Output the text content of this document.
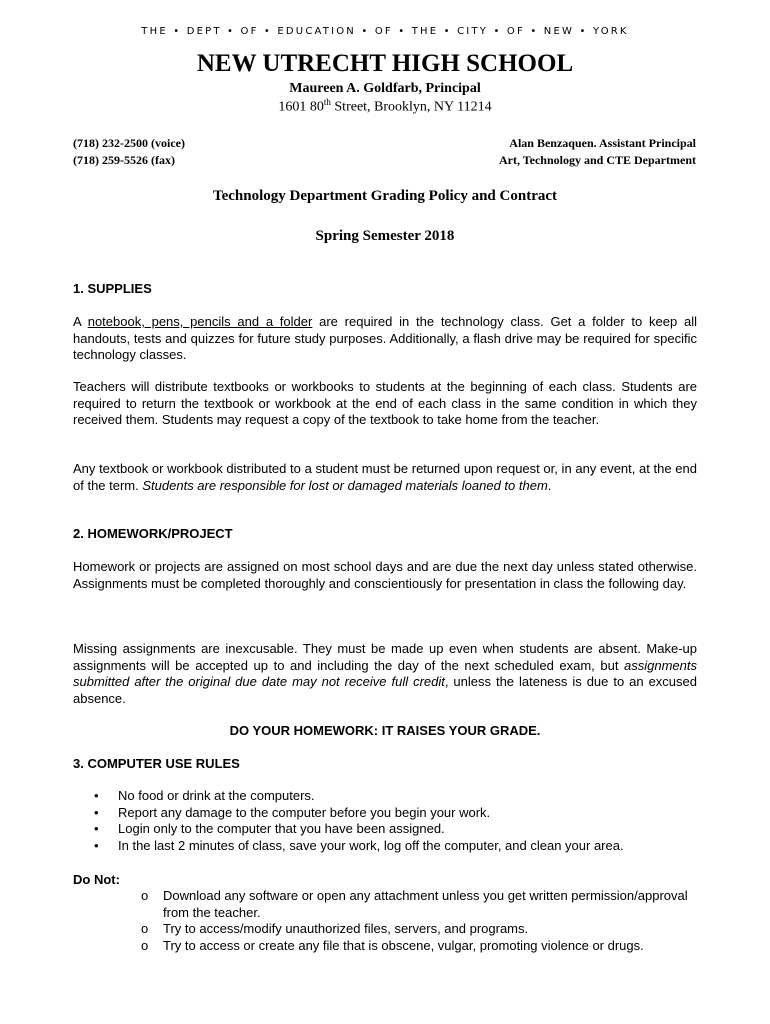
THE • DEPT • OF • EDUCATION • OF • THE • CITY • OF • NEW • YORK
NEW UTRECHT HIGH SCHOOL
Maureen A. Goldfarb, Principal
1601 80th Street, Brooklyn, NY 11214
(718) 232-2500 (voice)
(718) 259-5526 (fax)
Alan Benzaquen. Assistant Principal
Art, Technology and CTE Department
Technology Department Grading Policy and Contract
Spring Semester 2018
1. SUPPLIES

A notebook, pens, pencils and a folder are required in the technology class. Get a folder to keep all handouts, tests and quizzes for future study purposes. Additionally, a flash drive may be required for specific technology classes.

Teachers will distribute textbooks or workbooks to students at the beginning of each class. Students are required to return the textbook or workbook at the end of each class in the same condition in which they received them. Students may request a copy of the textbook to take home from the teacher.

Any textbook or workbook distributed to a student must be returned upon request or, in any event, at the end of the term. Students are responsible for lost or damaged materials loaned to them.

2. HOMEWORK/PROJECT

Homework or projects are assigned on most school days and are due the next day unless stated otherwise. Assignments must be completed thoroughly and conscientiously for presentation in class the following day.

Missing assignments are inexcusable. They must be made up even when students are absent. Make-up assignments will be accepted up to and including the day of the next scheduled exam, but assignments submitted after the original due date may not receive full credit, unless the lateness is due to an excused absence.

DO YOUR HOMEWORK: IT RAISES YOUR GRADE.
3. COMPUTER USE RULES
• No food or drink at the computers.
• Report any damage to the computer before you begin your work.
• Login only to the computer that you have been assigned.
• In the last 2 minutes of class, save your work, log off the computer, and clean your area.
Do Not:
o Download any software or open any attachment unless you get written permission/approval from the teacher.
o Try to access/modify unauthorized files, servers, and programs.
o Try to access or create any file that is obscene, vulgar, promoting violence or drugs.
